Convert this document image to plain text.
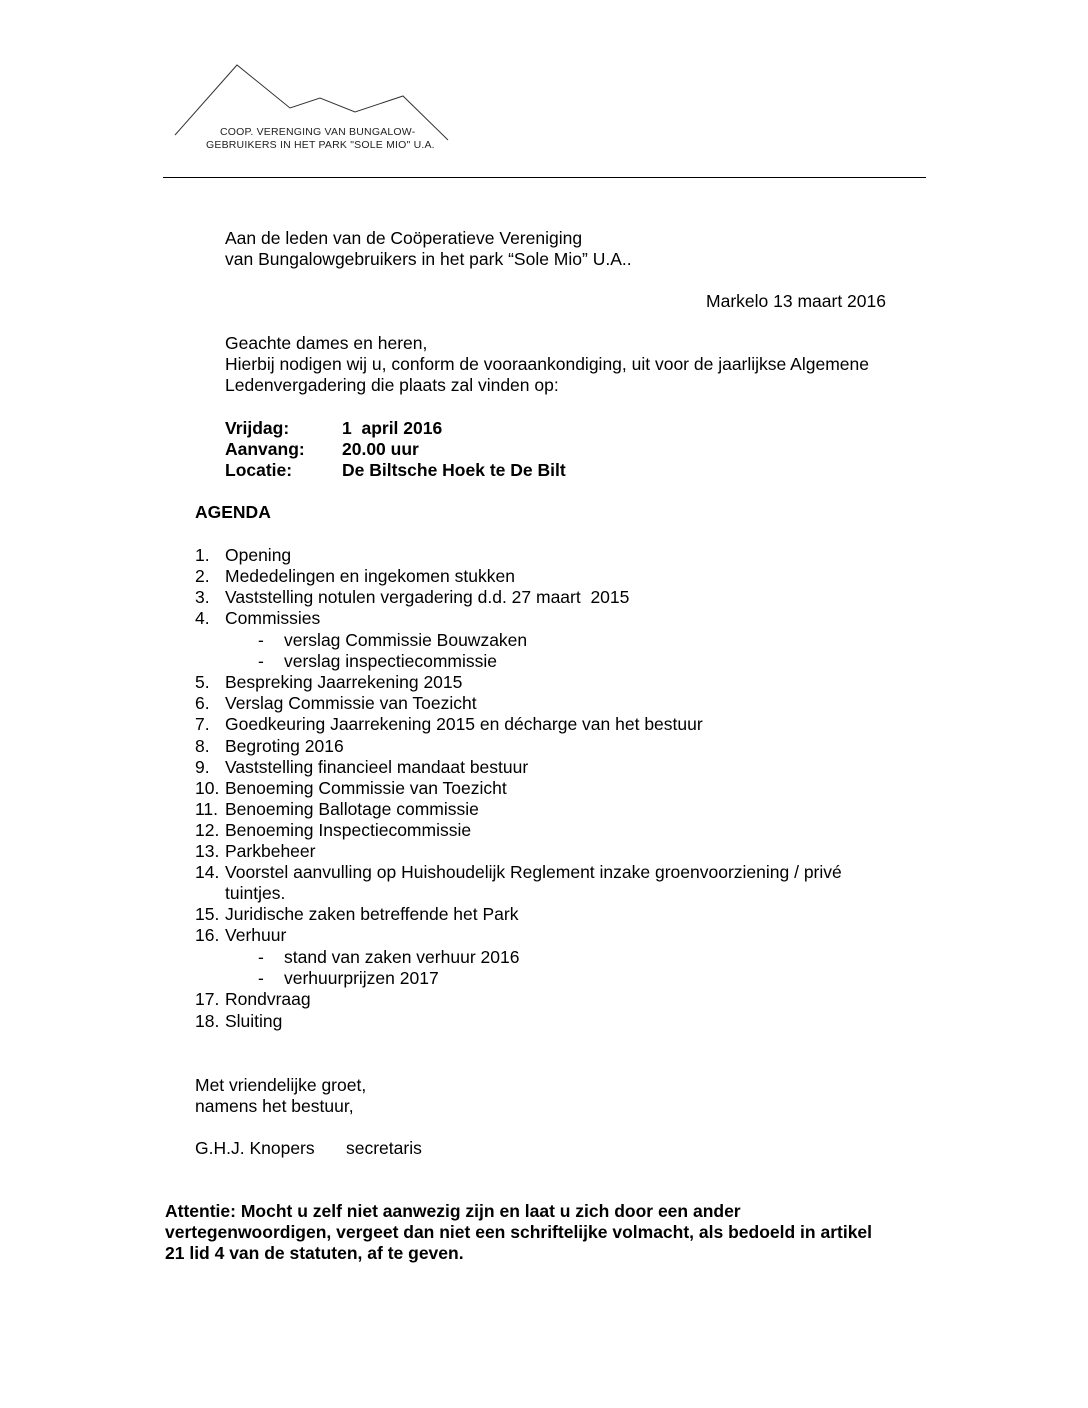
COOP. VERENGING VAN BUNGALOW-
GEBRUIKERS IN HET PARK "SOLE MIO" U.A.
Aan de leden van de Coöperatieve Vereniging
van Bungalowgebruikers in het park “Sole Mio” U.A..
Markelo 13 maart 2016
Geachte dames en heren,
Hierbij nodigen wij u, conform de vooraankondiging, uit voor de jaarlijkse Algemene
Ledenvergadering die plaats zal vinden op:
Vrijdag:	1  april 2016
Aanvang: 20.00 uur
Locatie:	De Biltsche Hoek te De Bilt
AGENDA
1. Opening
2. Mededelingen en ingekomen stukken
3. Vaststelling notulen vergadering d.d. 27 maart  2015
4. Commissies
- verslag Commissie Bouwzaken
- verslag inspectiecommissie
5. Bespreking Jaarrekening 2015
6. Verslag Commissie van Toezicht
7. Goedkeuring Jaarrekening 2015 en décharge van het bestuur
8. Begroting 2016
9. Vaststelling financieel mandaat bestuur
10. Benoeming Commissie van Toezicht
11. Benoeming Ballotage commissie
12. Benoeming Inspectiecommissie
13. Parkbeheer
14. Voorstel aanvulling op Huishoudelijk Reglement inzake groenvoorziening / privé
tuintjes.
15. Juridische zaken betreffende het Park
16. Verhuur
- stand van zaken verhuur 2016
- verhuurprijzen 2017
17. Rondvraag
18. Sluiting
Met vriendelijke groet,
namens het bestuur,
G.H.J. Knopers secretaris
Attentie: Mocht u zelf niet aanwezig zijn en laat u zich door een ander
vertegenwoordigen, vergeet dan niet een schriftelijke volmacht, als bedoeld in artikel
21 lid 4 van de statuten, af te geven.
